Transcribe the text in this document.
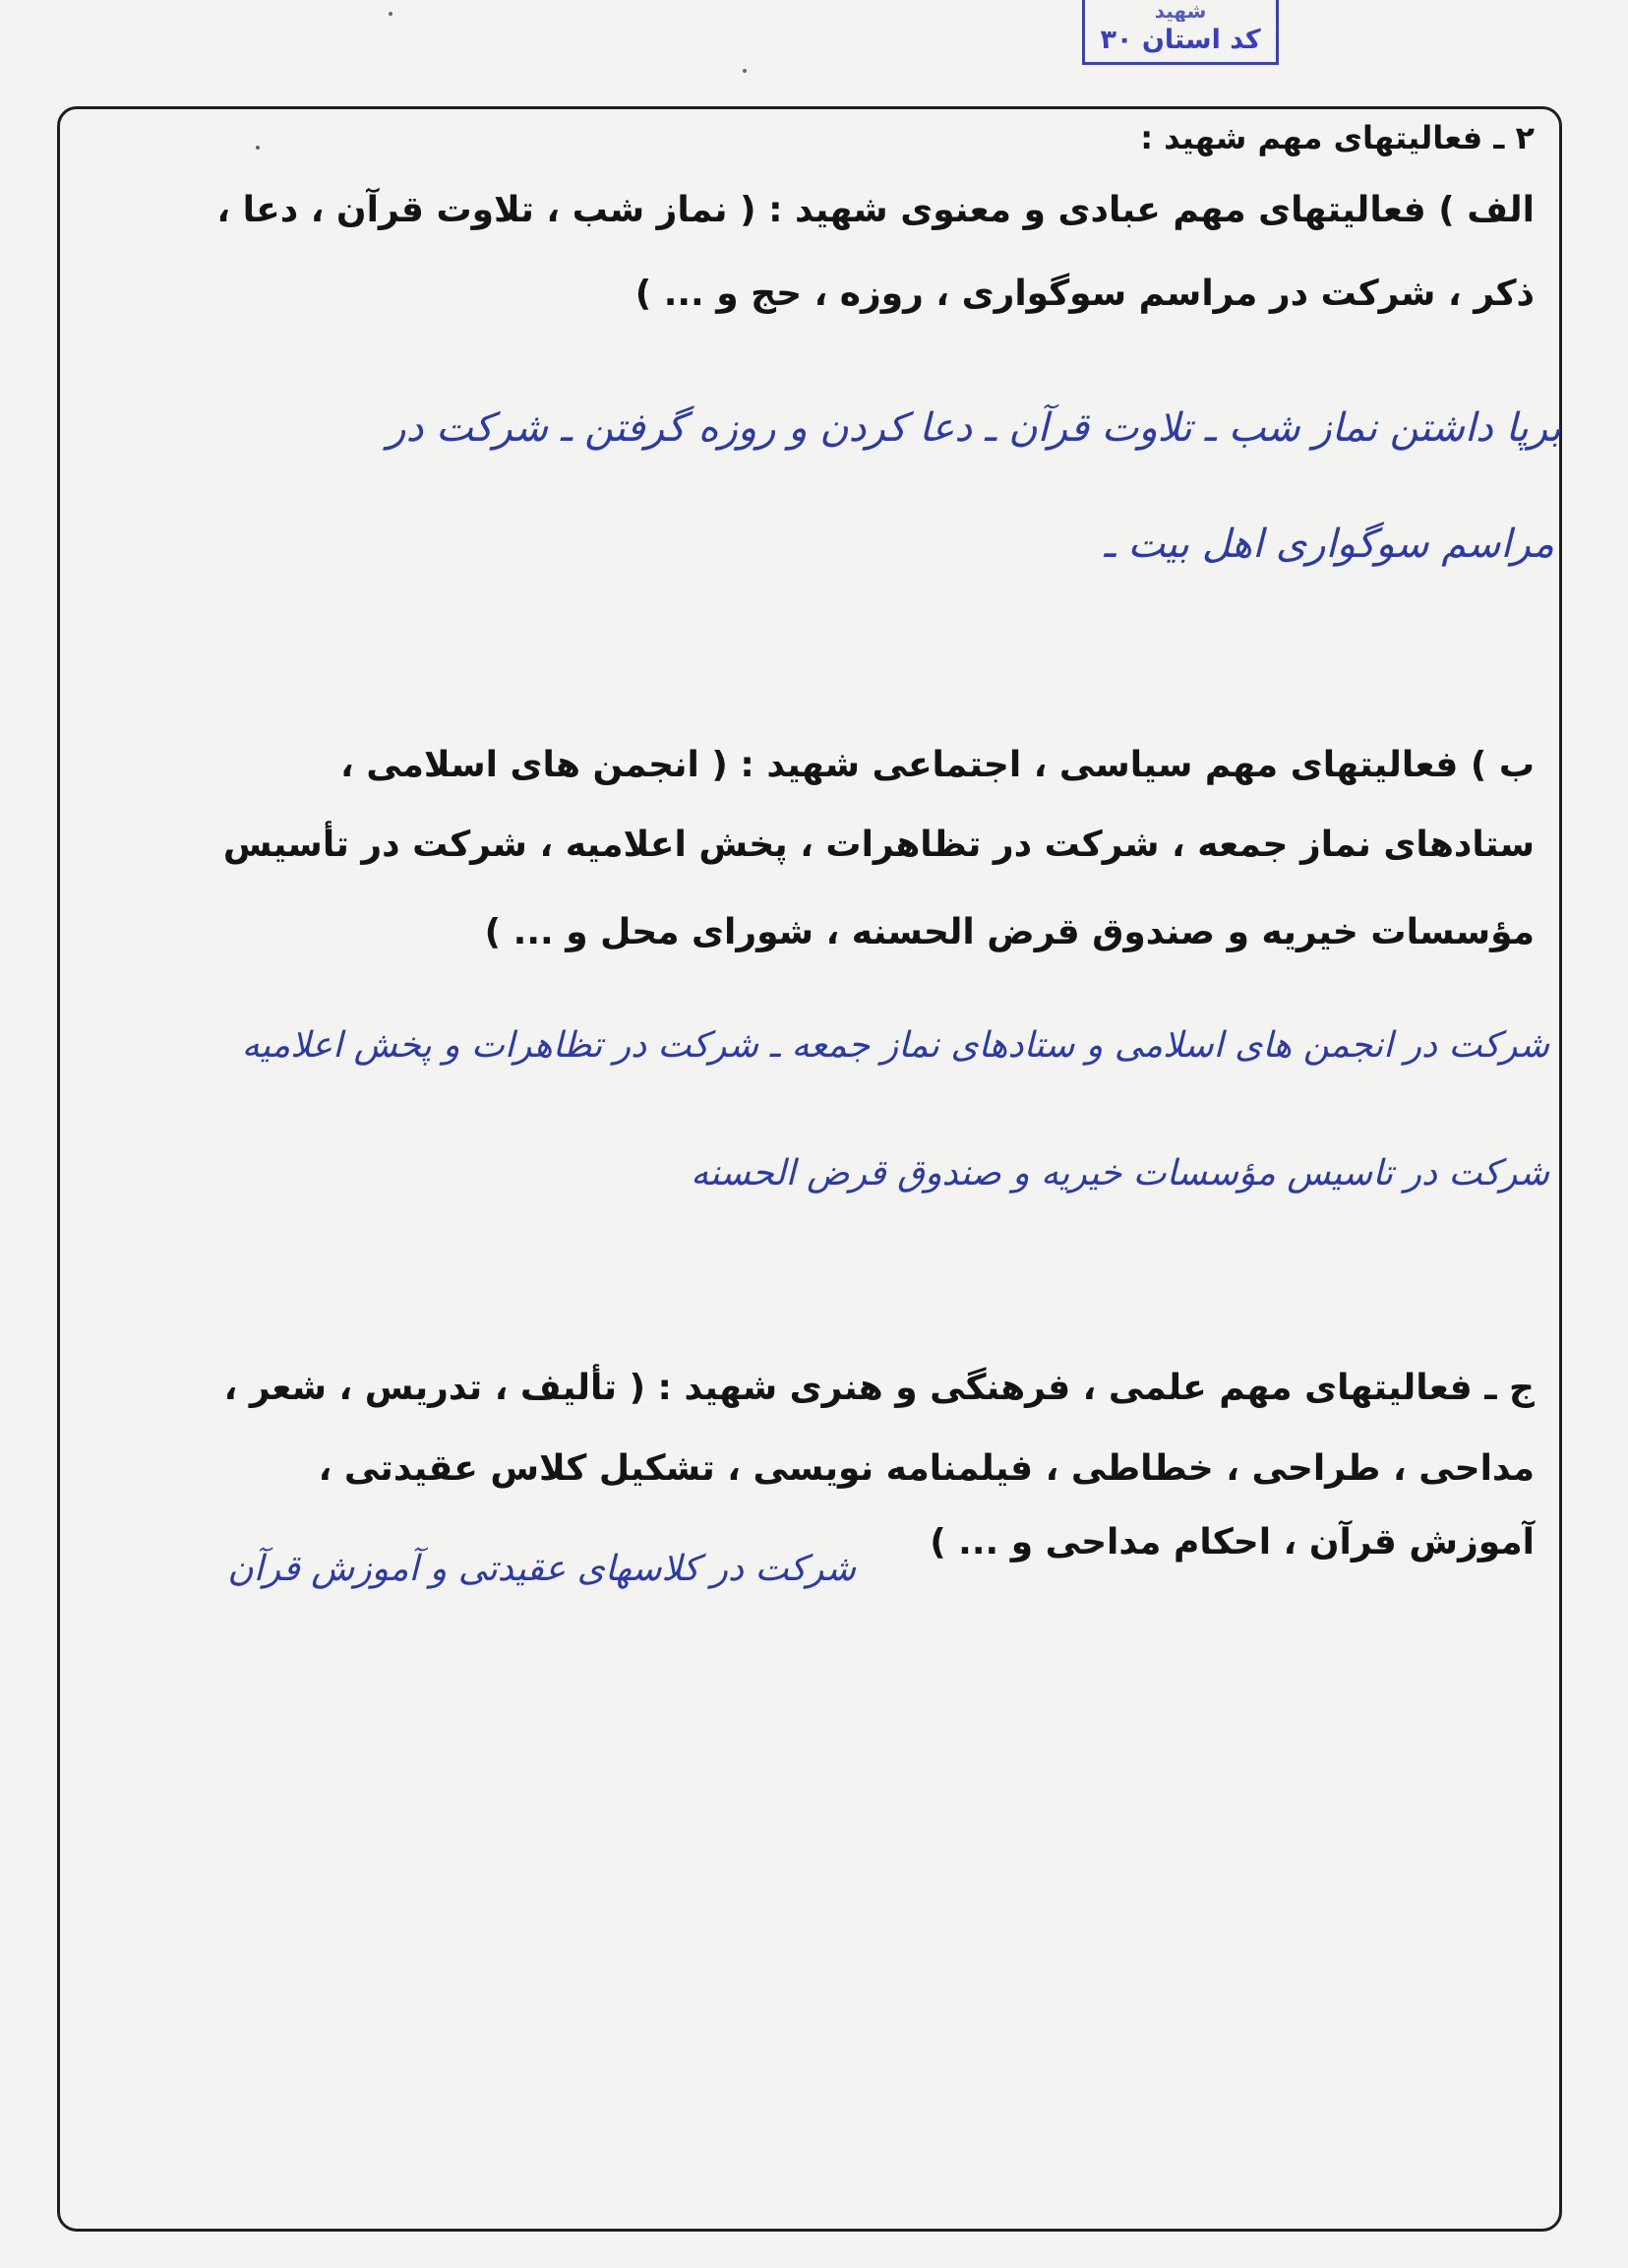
شهید
کد استان ۳۰
۲ ـ فعالیتهای مهم شهید :
الف ) فعالیتهای مهم عبادی و معنوی شهید : ( نماز شب ، تلاوت قرآن ، دعا ،
ذکر ، شرکت در مراسم سوگواری ، روزه ، حج و ... )
برپا داشتن نماز شب ـ تلاوت قرآن ـ دعا کردن و روزه گرفتن ـ شرکت در
مراسم سوگواری اهل بیت ـ
ب ) فعالیتهای مهم سیاسی ، اجتماعی شهید : ( انجمن های اسلامی ،
ستادهای نماز جمعه ، شرکت در تظاهرات ، پخش اعلامیه ، شرکت در تأسیس
مؤسسات خیریه و صندوق قرض الحسنه ، شورای محل و ... )
شرکت در انجمن های اسلامی و ستادهای نماز جمعه ـ شرکت در تظاهرات و پخش اعلامیه
شرکت در تاسیس مؤسسات خیریه و صندوق قرض الحسنه
ج ـ فعالیتهای مهم علمی ، فرهنگی و هنری شهید : ( تألیف ، تدریس ، شعر ،
مداحی ، طراحی ، خطاطی ، فیلمنامه نویسی ، تشکیل کلاس عقیدتی ،
آموزش قرآن ، احکام مداحی و ... )
شرکت در کلاسهای عقیدتی و آموزش قرآن
